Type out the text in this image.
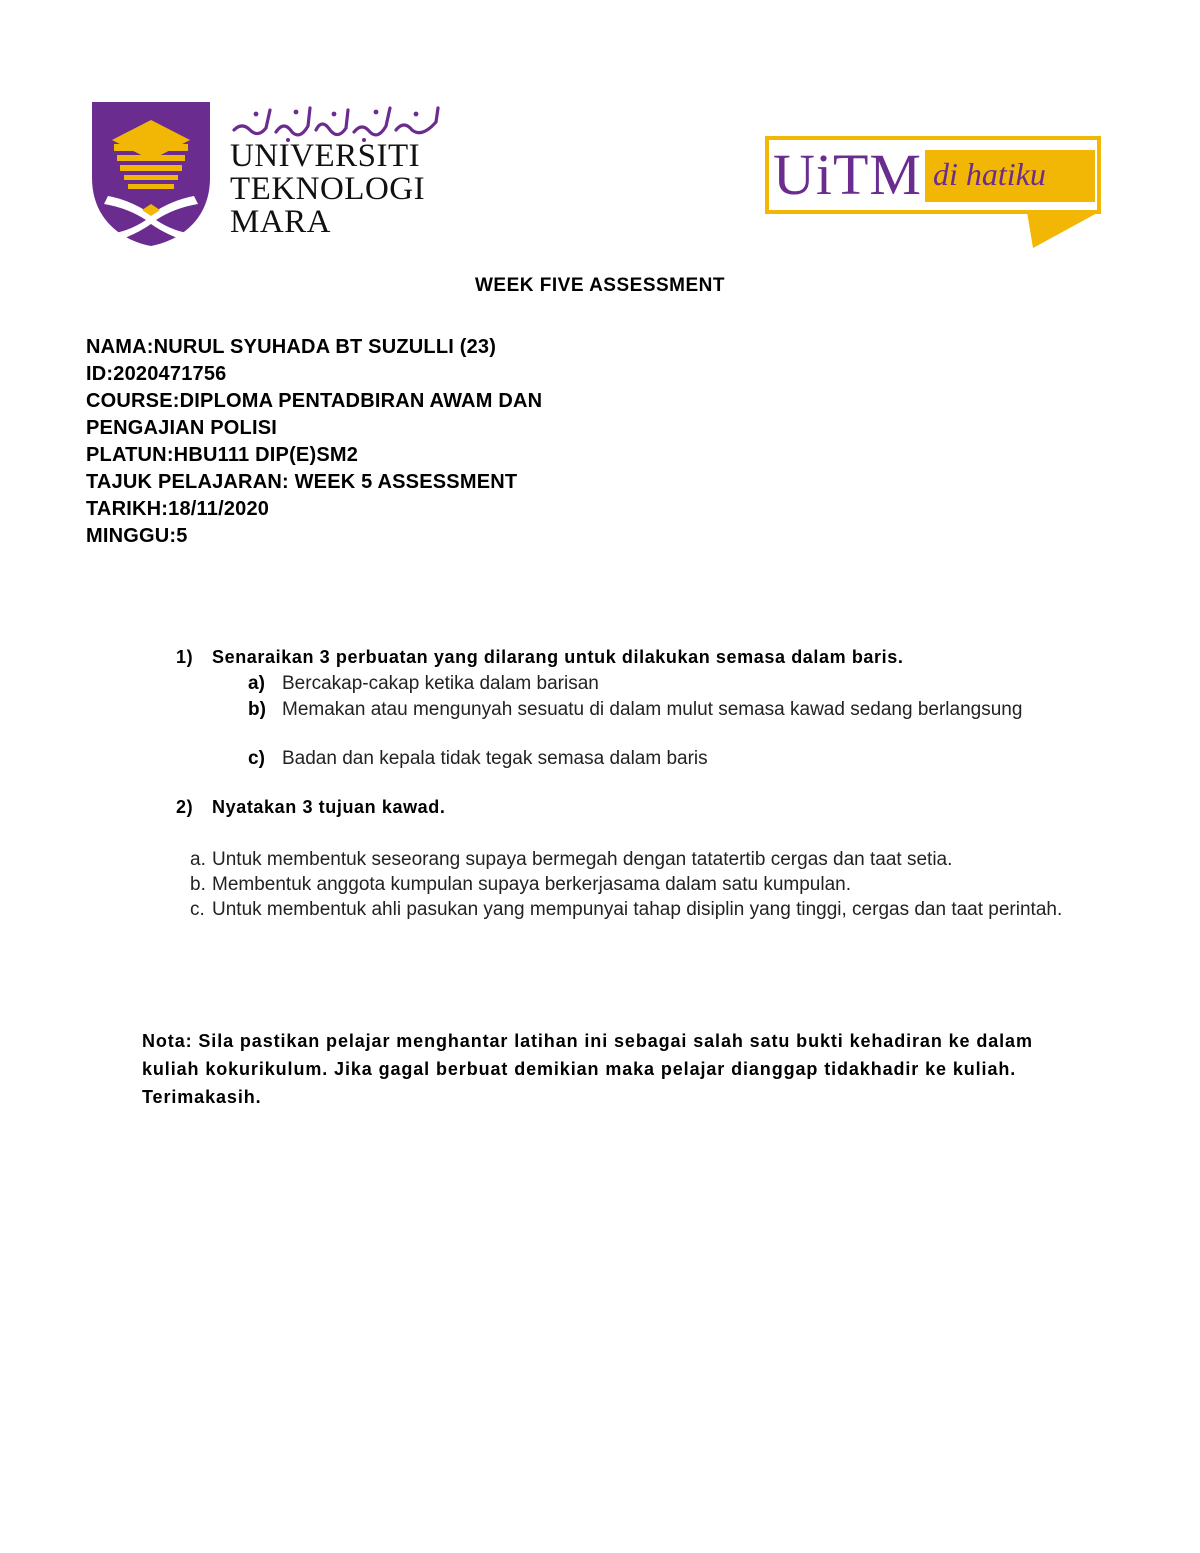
UNIVERSITI
TEKNOLOGI
MARA
UiTM di hatiku
WEEK FIVE ASSESSMENT
NAMA:NURUL SYUHADA BT SUZULLI (23)
ID:2020471756
COURSE:DIPLOMA PENTADBIRAN AWAM DAN
PENGAJIAN POLISI
PLATUN:HBU111 DIP(E)SM2
TAJUK PELAJARAN: WEEK 5 ASSESSMENT
TARIKH:18/11/2020
MINGGU:5
1) Senaraikan 3 perbuatan yang dilarang untuk dilakukan semasa dalam baris.
a) Bercakap-cakap ketika dalam barisan
b) Memakan atau mengunyah sesuatu di dalam mulut semasa kawad sedang berlangsung
c) Badan dan kepala tidak tegak semasa dalam baris
2) Nyatakan 3 tujuan kawad.
a. Untuk membentuk seseorang supaya bermegah dengan tatatertib cergas dan taat setia.
b. Membentuk anggota kumpulan supaya berkerjasama dalam satu kumpulan.
c. Untuk membentuk ahli pasukan yang mempunyai tahap disiplin yang tinggi, cergas dan taat perintah.
Nota: Sila pastikan pelajar menghantar latihan ini sebagai salah satu bukti kehadiran ke dalam kuliah kokurikulum. Jika gagal berbuat demikian maka pelajar dianggap tidakhadir ke kuliah. Terimakasih.
